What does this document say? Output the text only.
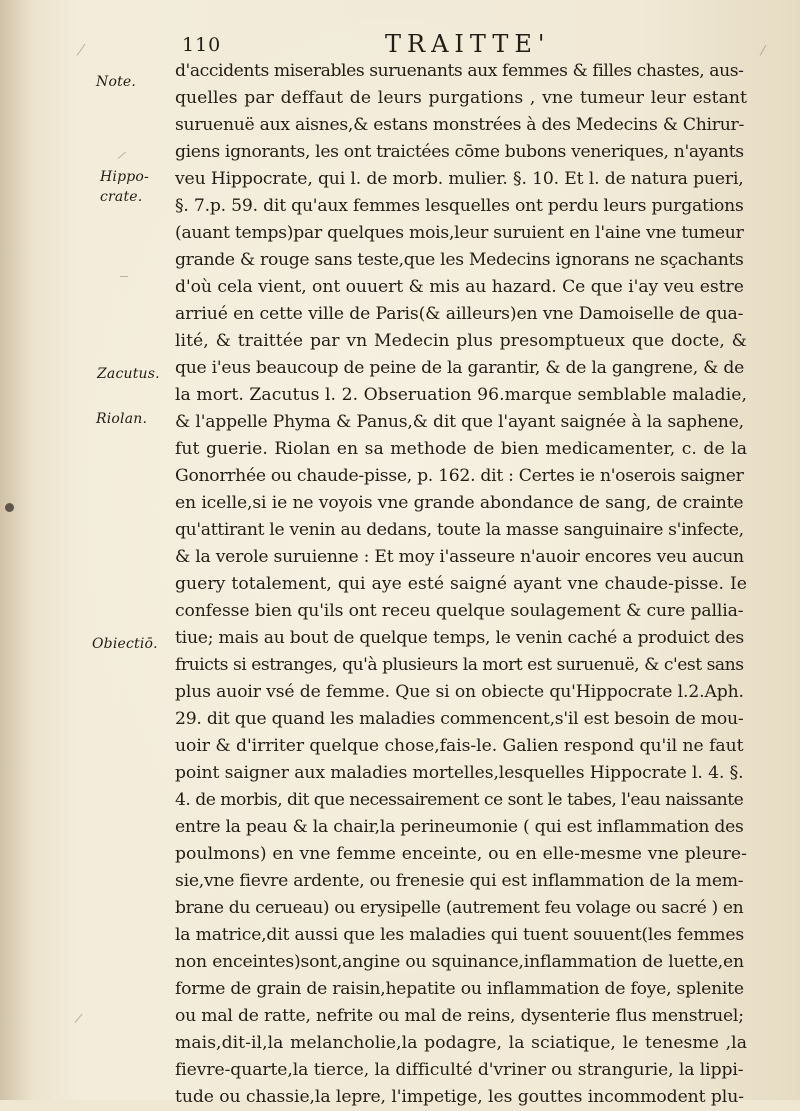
110	TRAITTE'
Note.
Hippo- crate.
Zacutus.
Riolan.
Obiectiō.
d'accidents miserables suruenants aux femmes & filles chastes, aus-
quelles par deffaut de leurs purgations , vne tumeur leur estant
suruenuë aux aisnes,& estans monstrées à des Medecins & Chirur-
giens ignorants, les ont traictées cōme bubons veneriques, n'ayants
veu Hippocrate, qui l. de morb. mulier. §. 10. Et l. de natura pueri,
§. 7.p. 59. dit qu'aux femmes lesquelles ont perdu leurs purgations
(auant temps)par quelques mois,leur suruient en l'aine vne tumeur
grande & rouge sans teste,que les Medecins ignorans ne sçachants
d'où cela vient, ont ouuert & mis au hazard. Ce que i'ay veu estre
arriué en cette ville de Paris(& ailleurs)en vne Damoiselle de qua-
lité, & traittée par vn Medecin plus presomptueux que docte, &
que i'eus beaucoup de peine de la garantir, & de la gangrene, & de
la mort. Zacutus l. 2. Obseruation 96.marque semblable maladie,
& l'appelle Phyma & Panus,& dit que l'ayant saignée à la saphene,
fut guerie. Riolan en sa methode de bien medicamenter, c. de la
Gonorrhée ou chaude-pisse, p. 162. dit : Certes ie n'oserois saigner
en icelle,si ie ne voyois vne grande abondance de sang, de crainte
qu'attirant le venin au dedans, toute la masse sanguinaire s'infecte,
& la verole suruienne : Et moy i'asseure n'auoir encores veu aucun
guery totalement, qui aye esté saigné ayant vne chaude-pisse. Ie
confesse bien qu'ils ont receu quelque soulagement & cure pallia-
tiue; mais au bout de quelque temps, le venin caché a produict des
fruicts si estranges, qu'à plusieurs la mort est suruenuë, & c'est sans
plus auoir vsé de femme. Que si on obiecte qu'Hippocrate l.2.Aph.
29. dit que quand les maladies commencent,s'il est besoin de mou-
uoir & d'irriter quelque chose,fais-le. Galien respond qu'il ne faut
point saigner aux maladies mortelles,lesquelles Hippocrate l. 4. §.
4. de morbis, dit que necessairement ce sont le tabes, l'eau naissante
entre la peau & la chair,la perineumonie ( qui est inflammation des
poulmons) en vne femme enceinte, ou en elle-mesme vne pleure-
sie,vne fievre ardente, ou frenesie qui est inflammation de la mem-
brane du cerueau) ou erysipelle (autrement feu volage ou sacré ) en
la matrice,dit aussi que les maladies qui tuent souuent(les femmes
non enceintes)sont,angine ou squinance,inflammation de luette,en
forme de grain de raisin,hepatite ou inflammation de foye, splenite
ou mal de ratte, nefrite ou mal de reins, dysenterie flus menstruel;
mais,dit-il,la melancholie,la podagre, la sciatique, le tenesme ,la
fievre-quarte,la tierce, la difficulté d'vriner ou strangurie, la lippi-
tude ou chassie,la lepre, l'impetige, les gouttes incommodent plu-
